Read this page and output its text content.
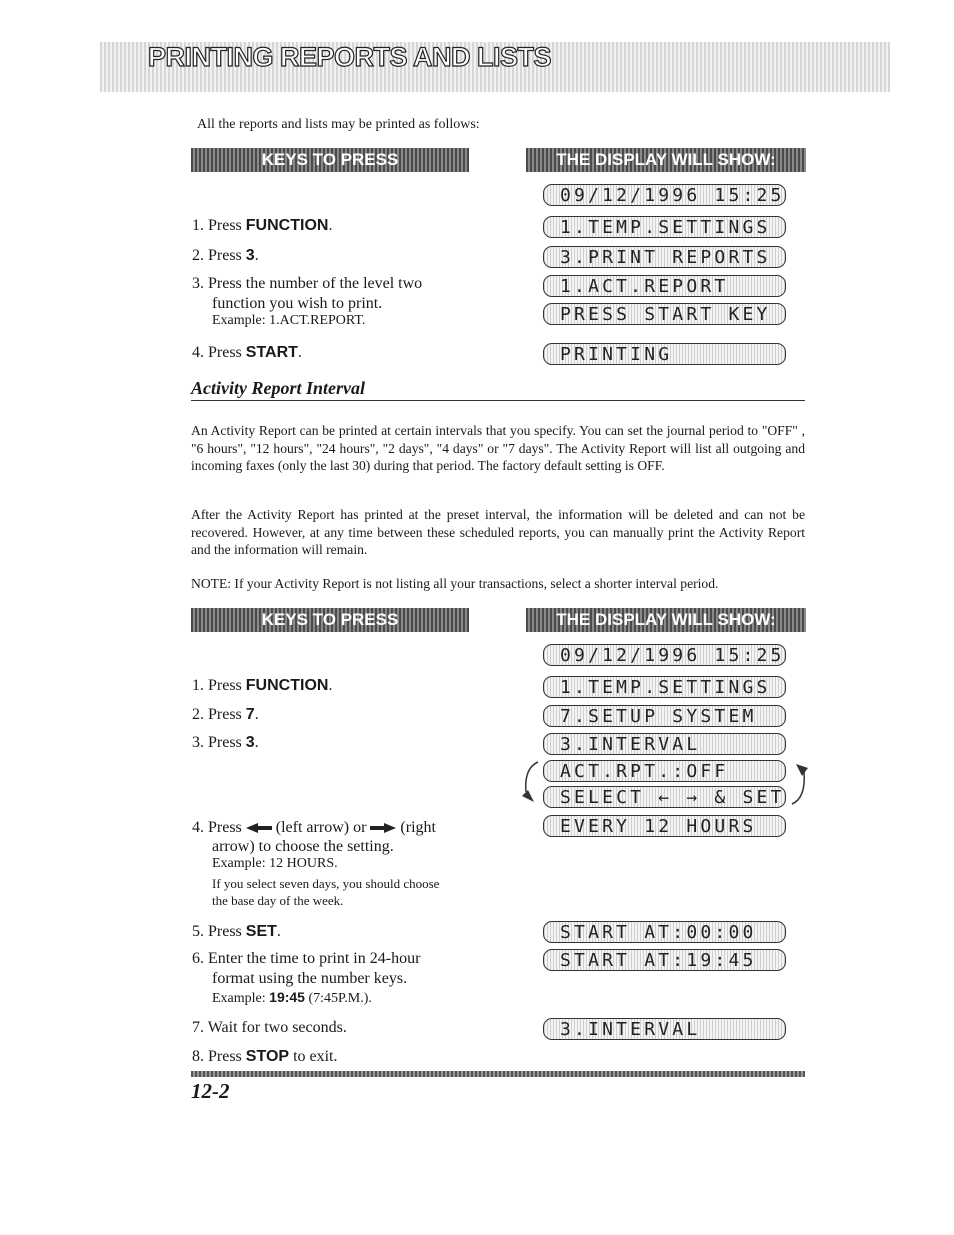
PRINTING REPORTS AND LISTS
All the reports and lists may be printed as follows:
KEYS TO PRESS	THE DISPLAY WILL SHOW:
1. Press FUNCTION.
2. Press 3.
3. Press the number of the level two
function you wish to print.
Example: 1.ACT.REPORT.
4. Press START.
09/12/1996 15:25
1.TEMP.SETTINGS
3.PRINT REPORTS
1.ACT.REPORT
PRESS START KEY
PRINTING
Activity Report Interval
An Activity Report can be printed at certain intervals that you specify. You can set the journal period to "OFF" , "6 hours", "12 hours", "24 hours", "2 days", "4 days" or "7 days". The Activity Report will list all outgoing and incoming faxes (only the last 30) during that period. The factory default setting is OFF.
After the Activity Report has printed at the preset interval, the information will be deleted and can not be recovered. However, at any time between these scheduled reports, you can manually print the Activity Report and the information will remain.
NOTE: If your Activity Report is not listing all your transactions, select a shorter interval period.
KEYS TO PRESS	THE DISPLAY WILL SHOW:
1. Press FUNCTION.
2. Press 7.
3. Press 3.
4. Press (left arrow) or (right
arrow) to choose the setting.
Example: 12 HOURS.
If you select seven days, you should choose
the base day of the week.
5. Press SET.
6. Enter the time to print in 24-hour
format using the number keys.
Example: 19:45 (7:45P.M.).
7. Wait for two seconds.
8. Press STOP to exit.
09/12/1996 15:25
1.TEMP.SETTINGS
7.SETUP SYSTEM
3.INTERVAL
ACT.RPT.:OFF
SELECT ← → & SET
EVERY 12 HOURS
START AT:00:00
START AT:19:45
3.INTERVAL
12-2
